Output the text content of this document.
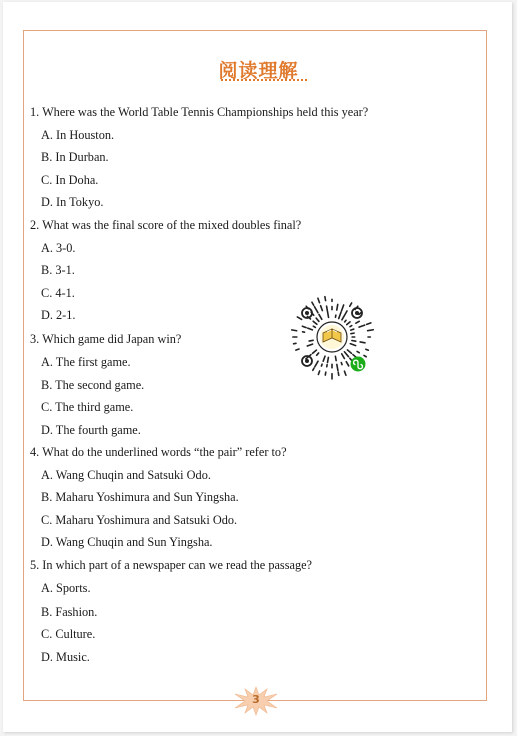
阅读理解
1. Where was the World Table Tennis Championships held this year?
A. In Houston.
B. In Durban.
C. In Doha.
D. In Tokyo.
2. What was the final score of the mixed doubles final?
A. 3-0.
B. 3-1.
C. 4-1.
D. 2-1.
3. Which game did Japan win?
A. The first game.
B. The second game.
C. The third game.
D. The fourth game.
4. What do the underlined words “the pair” refer to?
A. Wang Chuqin and Satsuki Odo.
B. Maharu Yoshimura and Sun Yingsha.
C. Maharu Yoshimura and Satsuki Odo.
D. Wang Chuqin and Sun Yingsha.
5. In which part of a newspaper can we read the passage?
A. Sports.
B. Fashion.
C. Culture.
D. Music.
3
